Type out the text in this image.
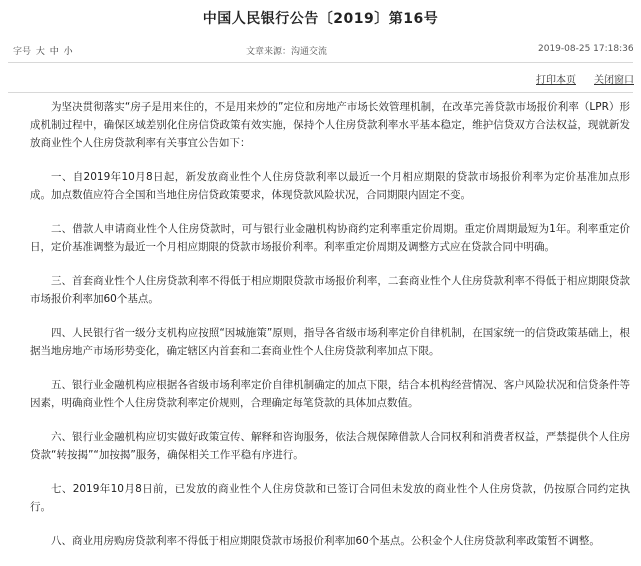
中国人民银行公告〔2019〕第16号
字号 大 中 小	文章来源：沟通交流	2019-08-25 17:18:36
打印本页 关闭窗口

为坚决贯彻落实“房子是用来住的，不是用来炒的”定位和房地产市场长效管理机制，在改革完善贷款市场报价利率（LPR）形成机制过程中，确保区域差别化住房信贷政策有效实施，保持个人住房贷款利率水平基本稳定，维护信贷双方合法权益，现就新发放商业性个人住房贷款利率有关事宜公告如下：

一、自2019年10月8日起，新发放商业性个人住房贷款利率以最近一个月相应期限的贷款市场报价利率为定价基准加点形成。加点数值应符合全国和当地住房信贷政策要求，体现贷款风险状况，合同期限内固定不变。

二、借款人申请商业性个人住房贷款时，可与银行业金融机构协商约定利率重定价周期。重定价周期最短为1年。利率重定价日，定价基准调整为最近一个月相应期限的贷款市场报价利率。利率重定价周期及调整方式应在贷款合同中明确。

三、首套商业性个人住房贷款利率不得低于相应期限贷款市场报价利率，二套商业性个人住房贷款利率不得低于相应期限贷款市场报价利率加60个基点。

四、人民银行省一级分支机构应按照“因城施策”原则，指导各省级市场利率定价自律机制，在国家统一的信贷政策基础上，根据当地房地产市场形势变化，确定辖区内首套和二套商业性个人住房贷款利率加点下限。

五、银行业金融机构应根据各省级市场利率定价自律机制确定的加点下限，结合本机构经营情况、客户风险状况和信贷条件等因素，明确商业性个人住房贷款利率定价规则，合理确定每笔贷款的具体加点数值。

六、银行业金融机构应切实做好政策宣传、解释和咨询服务，依法合规保障借款人合同权利和消费者权益，严禁提供个人住房贷款“转按揭”“加按揭”服务，确保相关工作平稳有序进行。

七、2019年10月8日前，已发放的商业性个人住房贷款和已签订合同但未发放的商业性个人住房贷款，仍按原合同约定执行。

八、商业用房购房贷款利率不得低于相应期限贷款市场报价利率加60个基点。公积金个人住房贷款利率政策暂不调整。
